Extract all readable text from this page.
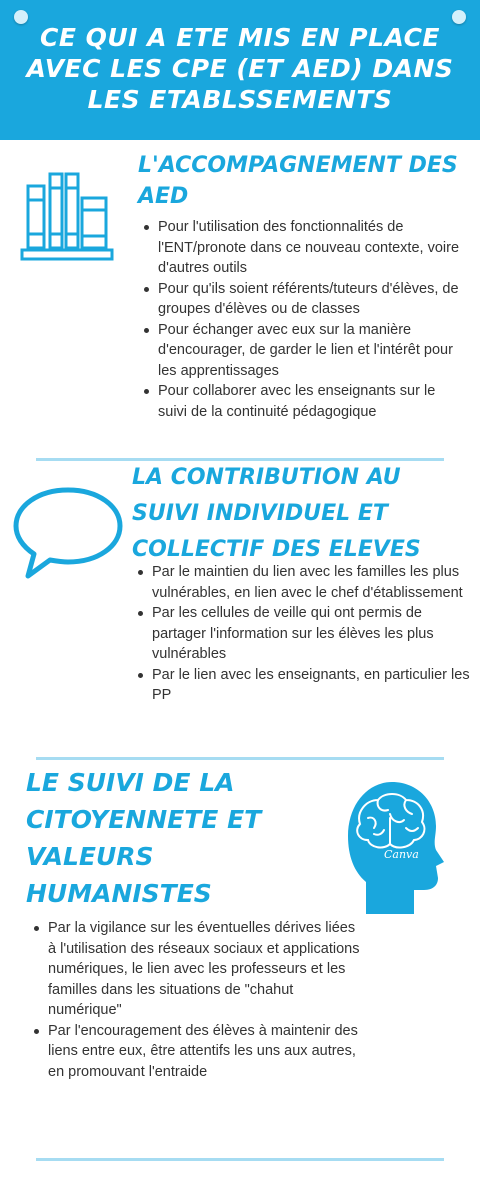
CE QUI A ETE MIS EN PLACE AVEC LES CPE (ET AED) DANS LES ETABLSSEMENTS
L'ACCOMPAGNEMENT DES AED
Pour l'utilisation des fonctionnalités de l'ENT/pronote dans ce nouveau contexte, voire d'autres outils
Pour qu'ils soient référents/tuteurs d'élèves, de groupes d'élèves ou de classes
Pour échanger avec eux sur la manière d'encourager, de garder le lien et l'intérêt pour les apprentissages
Pour collaborer avec les enseignants sur le suivi de la continuité pédagogique
LA CONTRIBUTION AU SUIVI INDIVIDUEL ET COLLECTIF DES ELEVES
Par le maintien du lien avec les familles les plus vulnérables, en lien avec le chef d'établissement
Par les cellules de veille qui ont permis de partager l'information sur les élèves les plus vulnérables
Par le lien avec les enseignants, en particulier les PP
LE SUIVI DE LA CITOYENNETE ET VALEURS HUMANISTES
Canva
Par la vigilance sur les éventuelles dérives liées à l'utilisation des réseaux sociaux et applications numériques, le lien avec les professeurs et les familles dans les situations de "chahut numérique"
Par l'encouragement des élèves à maintenir des liens entre eux, être attentifs les uns aux autres, en promouvant l'entraide
